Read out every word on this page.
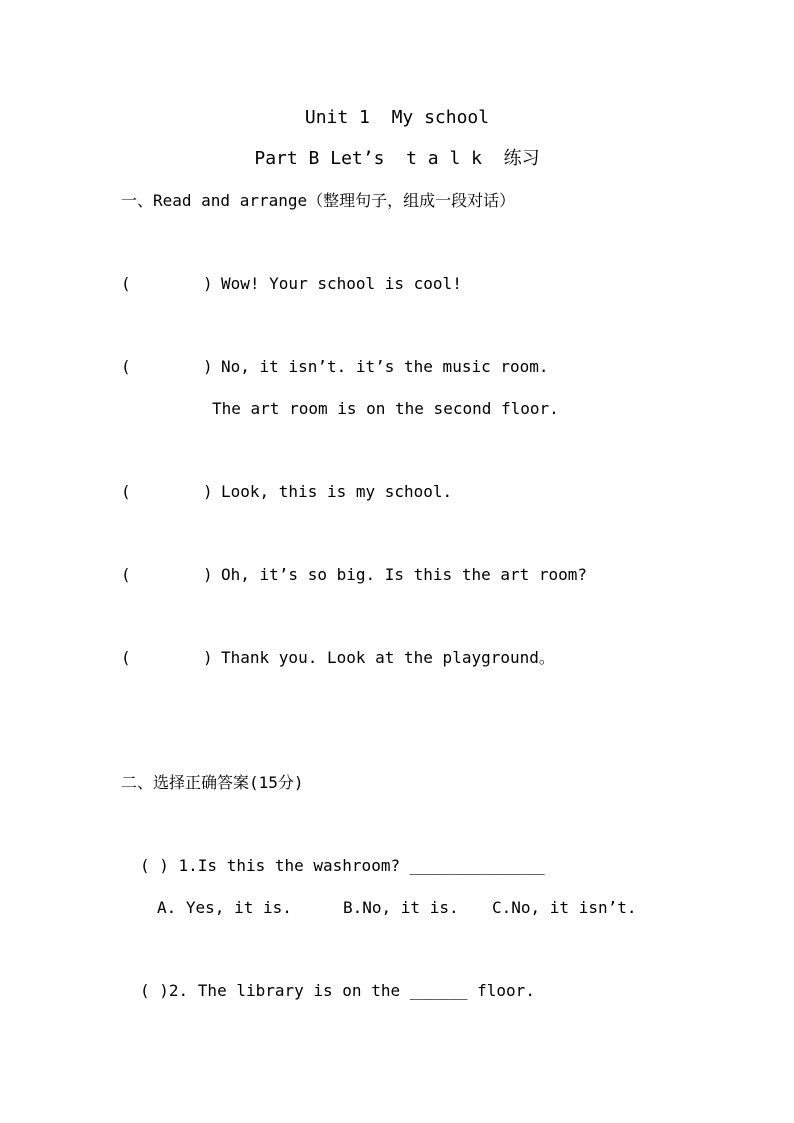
Unit 1  My school
Part B Let’s  t a l k  练习
一、Read and arrange（整理句子，组成一段对话）

(

	)

Wow! Your school is cool!

(

	)

No, it isn’t. it’s the music room.

The art room is on the second floor.

(

	)

Look, this is my school.

(

	)

Oh, it’s so big. Is this the art room?

(

	)

Thank you. Look at the playground。

二、选择正确答案(15分)
( ) 1.Is this the washroom? ______________
A. Yes, it is.	B.No, it is. C.No, it isn’t.
( )2. The library is on the ______ floor.
